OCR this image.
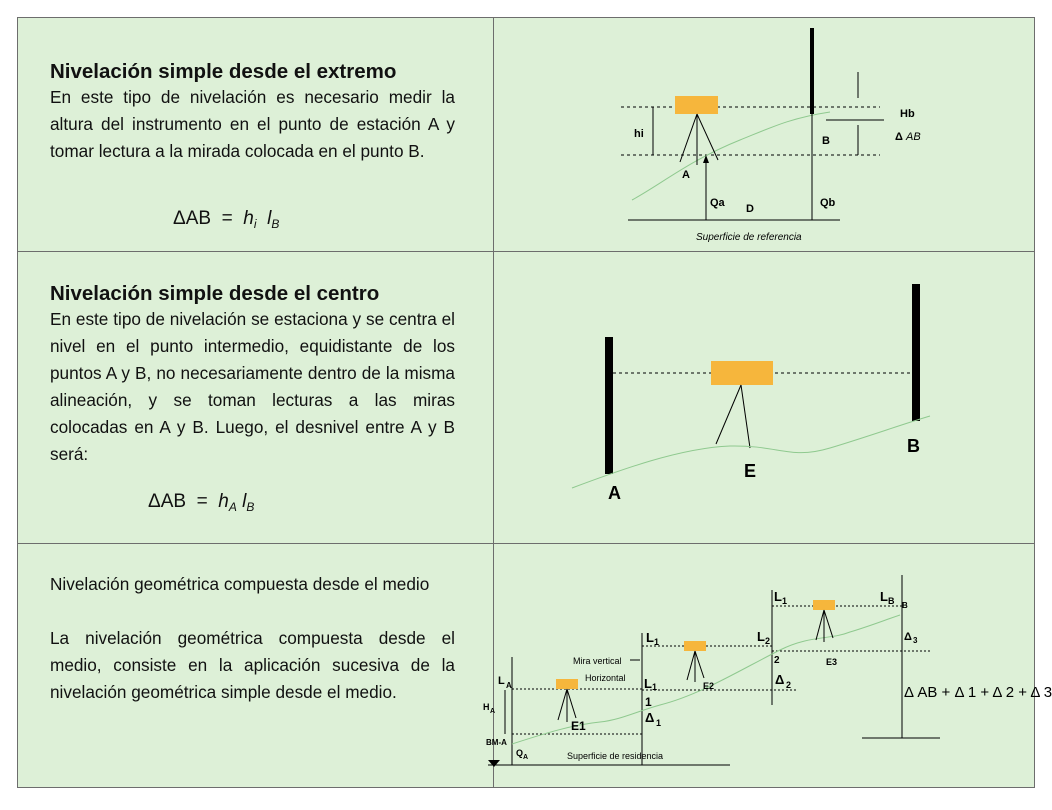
Nivelación simple desde el extremo
En este tipo de nivelación es necesario medir la altura del instrumento en el punto de estación A y tomar lectura a la mirada colocada en el punto B.
$\Delta AB = h_i$ $l_B$
Nivelación simple desde el centro
En este tipo de nivelación se estaciona y se centra el nivel en el punto intermedio, equidistante de los puntos A y B, no necesariamente dentro de la misma alineación, y se toman lecturas a las miras colocadas en A y B. Luego, el desnivel entre A y B será:
$\Delta AB = h_A$ $l_B$
Nivelación geométrica compuesta desde el medio
La nivelación geométrica compuesta desde el medio, consiste en la aplicación sucesiva de la nivelación geométrica simple desde el medio.
hi
Hb
B	Δ AB
A
Qa D	Qb
Superficie de referencia
A
B
E
L A
L 1
L 1
L 2
L 1	L B B
H A
BM-A
Q A
E1
E2
E3
Mira vertical
Horizontal
1
2
Δ 1
Δ 2
Δ 3
Superficie de residencia
Δ AB + Δ 1 + Δ 2 + Δ 3
